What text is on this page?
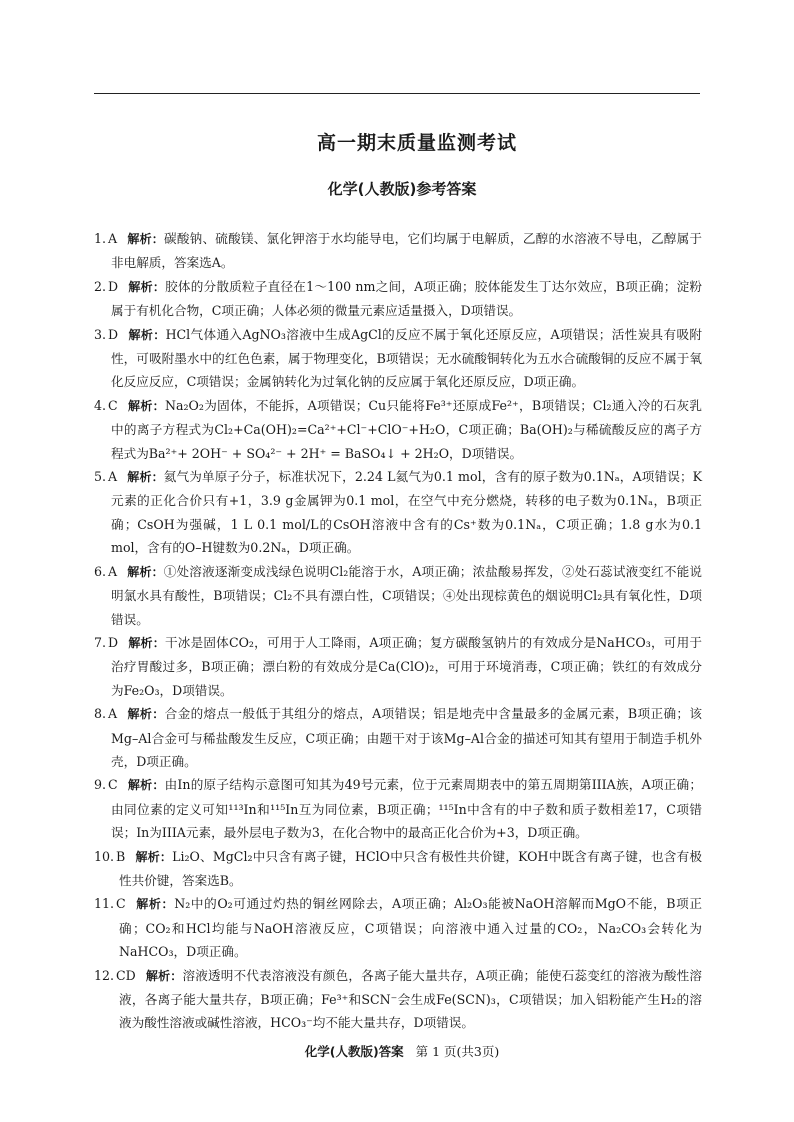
高一期末质量监测考试
化学(人教版)参考答案

1. A 解析：碳酸钠、硫酸镁、氯化钾溶于水均能导电，它们均属于电解质，乙醇的水溶液不导电，乙醇属于非电解质，答案选A。

2. D 解析：胶体的分散质粒子直径在1～100 nm之间，A项正确；胶体能发生丁达尔效应，B项正确；淀粉属于有机化合物，C项正确；人体必须的微量元素应适量摄入，D项错误。

3. D 解析：HCl气体通入AgNO₃溶液中生成AgCl的反应不属于氧化还原反应，A项错误；活性炭具有吸附性，可吸附墨水中的红色色素，属于物理变化，B项错误；无水硫酸铜转化为五水合硫酸铜的反应不属于氧化反应反应，C项错误；金属钠转化为过氧化钠的反应属于氧化还原反应，D项正确。

4. C 解析：Na₂O₂为固体，不能拆，A项错误；Cu只能将Fe³⁺还原成Fe²⁺，B项错误；Cl₂通入冷的石灰乳中的离子方程式为Cl₂+Ca(OH)₂=Ca²⁺+Cl⁻+ClO⁻+H₂O，C项正确；Ba(OH)₂与稀硫酸反应的离子方程式为Ba²⁺+ 2OH⁻ + SO₄²⁻ + 2H⁺ = BaSO₄↓ + 2H₂O，D项错误。

5. A 解析：氦气为单原子分子，标准状况下，2.24 L氦气为0.1 mol，含有的原子数为0.1Nₐ，A项错误；K元素的正化合价只有+1，3.9 g金属钾为0.1 mol，在空气中充分燃烧，转移的电子数为0.1Nₐ，B项正确；CsOH为强碱，1 L 0.1 mol/L的CsOH溶液中含有的Cs⁺数为0.1Nₐ，C项正确；1.8 g水为0.1 mol，含有的O–H键数为0.2Nₐ，D项正确。

6. A 解析：①处溶液逐渐变成浅绿色说明Cl₂能溶于水，A项正确；浓盐酸易挥发，②处石蕊试液变红不能说明氯水具有酸性，B项错误；Cl₂不具有漂白性，C项错误；④处出现棕黄色的烟说明Cl₂具有氧化性，D项错误。

7. D 解析：干冰是固体CO₂，可用于人工降雨，A项正确；复方碳酸氢钠片的有效成分是NaHCO₃，可用于治疗胃酸过多，B项正确；漂白粉的有效成分是Ca(ClO)₂，可用于环境消毒，C项正确；铁红的有效成分为Fe₂O₃，D项错误。

8. A 解析：合金的熔点一般低于其组分的熔点，A项错误；铝是地壳中含量最多的金属元素，B项正确；该Mg–Al合金可与稀盐酸发生反应，C项正确；由题干对于该Mg–Al合金的描述可知其有望用于制造手机外壳，D项正确。

9. C 解析：由In的原子结构示意图可知其为49号元素，位于元素周期表中的第五周期第IIIA族，A项正确；由同位素的定义可知¹¹³In和¹¹⁵In互为同位素，B项正确；¹¹⁵In中含有的中子数和质子数相差17，C项错误；In为IIIA元素，最外层电子数为3，在化合物中的最高正化合价为+3，D项正确。

10. B 解析：Li₂O、MgCl₂中只含有离子键，HClO中只含有极性共价键，KOH中既含有离子键，也含有极性共价键，答案选B。

11. C 解析：N₂中的O₂可通过灼热的铜丝网除去，A项正确；Al₂O₃能被NaOH溶解而MgO不能，B项正确；CO₂和HCl均能与NaOH溶液反应，C项错误；向溶液中通入过量的CO₂，Na₂CO₃会转化为NaHCO₃，D项正确。

12. CD 解析：溶液透明不代表溶液没有颜色，各离子能大量共存，A项正确；能使石蕊变红的溶液为酸性溶液，各离子能大量共存，B项正确；Fe³⁺和SCN⁻会生成Fe(SCN)₃，C项错误；加入铝粉能产生H₂的溶液为酸性溶液或碱性溶液，HCO₃⁻均不能大量共存，D项错误。

化学(人教版)答案 第 1 页(共3页)
